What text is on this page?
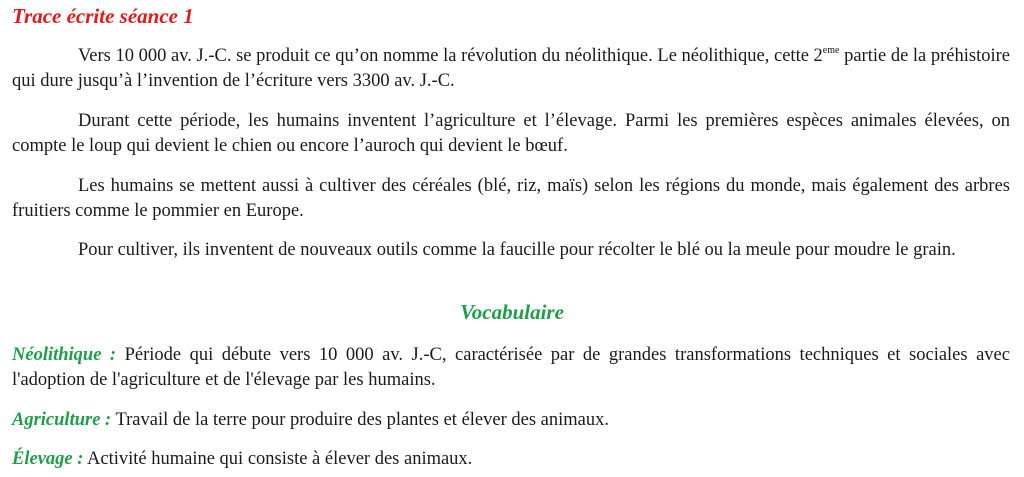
Trace écrite séance 1

Vers 10 000 av. J.-C. se produit ce qu’on nomme la révolution du néolithique. Le néolithique, cette 2eme partie de la préhistoire qui dure jusqu’à l’invention de l’écriture vers 3300 av. J.-C.

Durant cette période, les humains inventent l’agriculture et l’élevage. Parmi les premières espèces animales élevées, on compte le loup qui devient le chien ou encore l’auroch qui devient le bœuf.

Les humains se mettent aussi à cultiver des céréales (blé, riz, maïs) selon les régions du monde, mais également des arbres fruitiers comme le pommier en Europe.

Pour cultiver, ils inventent de nouveaux outils comme la faucille pour récolter le blé ou la meule pour moudre le grain.

Vocabulaire

Néolithique : Période qui débute vers 10 000 av. J.-C, caractérisée par de grandes transformations techniques et sociales avec l'adoption de l'agriculture et de l'élevage par les humains.

Agriculture : Travail de la terre pour produire des plantes et élever des animaux.

Élevage : Activité humaine qui consiste à élever des animaux.
